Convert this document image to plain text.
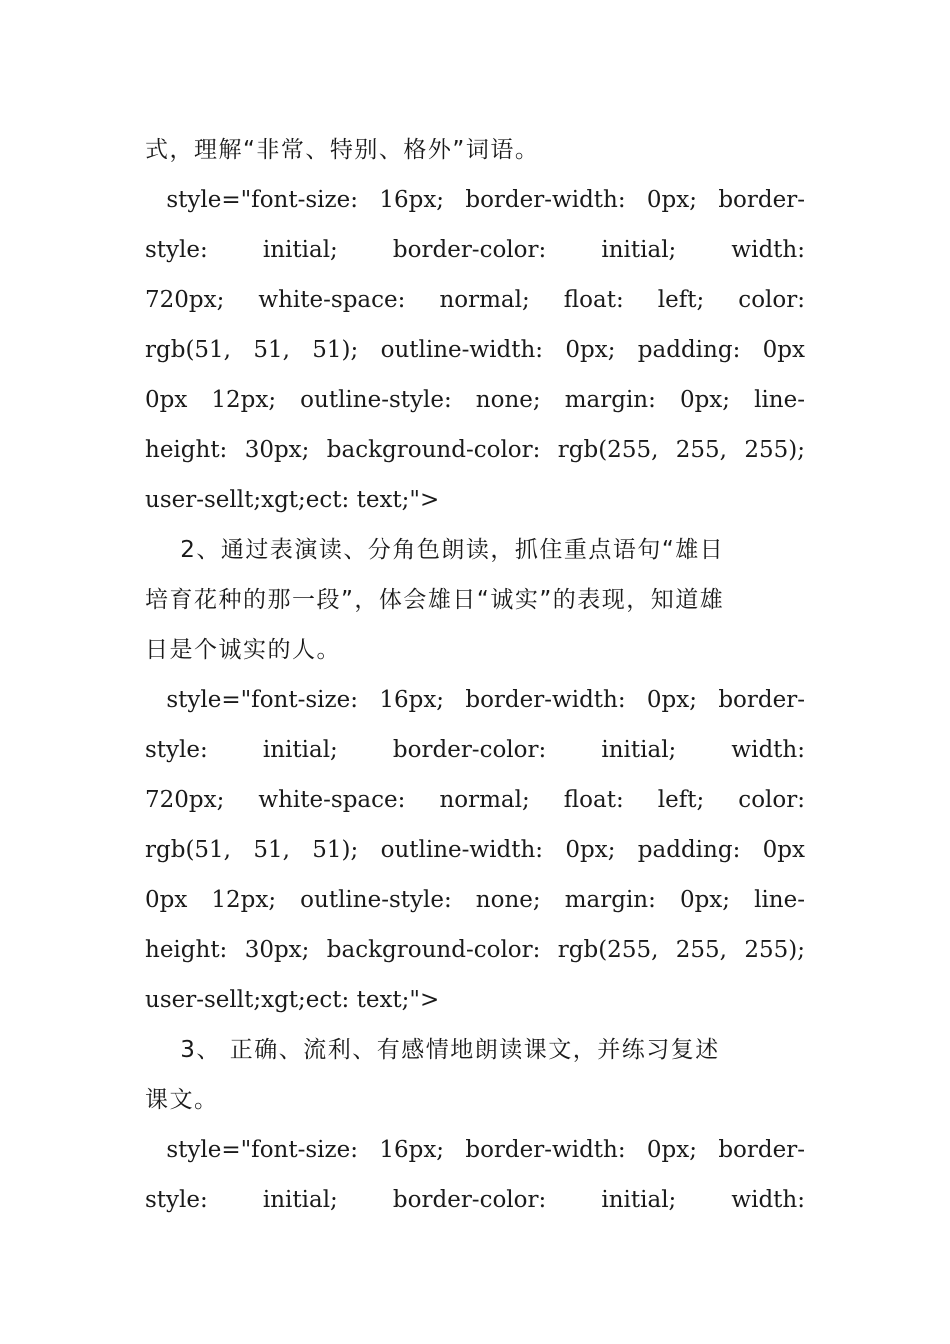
式，理解“非常、特别、格外”词语。
style="font-size: 16px; border-width: 0px; border-
style:  initial;  border-color:  initial;  width:
720px;  white-space:  normal;  float:  left;  color:
rgb(51, 51, 51); outline-width: 0px; padding: 0px
0px 12px; outline-style: none; margin: 0px; line-
height: 30px; background-color: rgb(255, 255, 255);
user-sellt;xgt;ect: text;">
2、通过表演读、分角色朗读，抓住重点语句“雄日
培育花种的那一段”，体会雄日“诚实”的表现，知道雄
日是个诚实的人。
style="font-size: 16px; border-width: 0px; border-
style:  initial;  border-color:  initial;  width:
720px;  white-space:  normal;  float:  left;  color:
rgb(51, 51, 51); outline-width: 0px; padding: 0px
0px 12px; outline-style: none; margin: 0px; line-
height: 30px; background-color: rgb(255, 255, 255);
user-sellt;xgt;ect: text;">
3、 正确、流利、有感情地朗读课文，并练习复述
课文。
style="font-size: 16px; border-width: 0px; border-
style:  initial;  border-color:  initial;  width:
